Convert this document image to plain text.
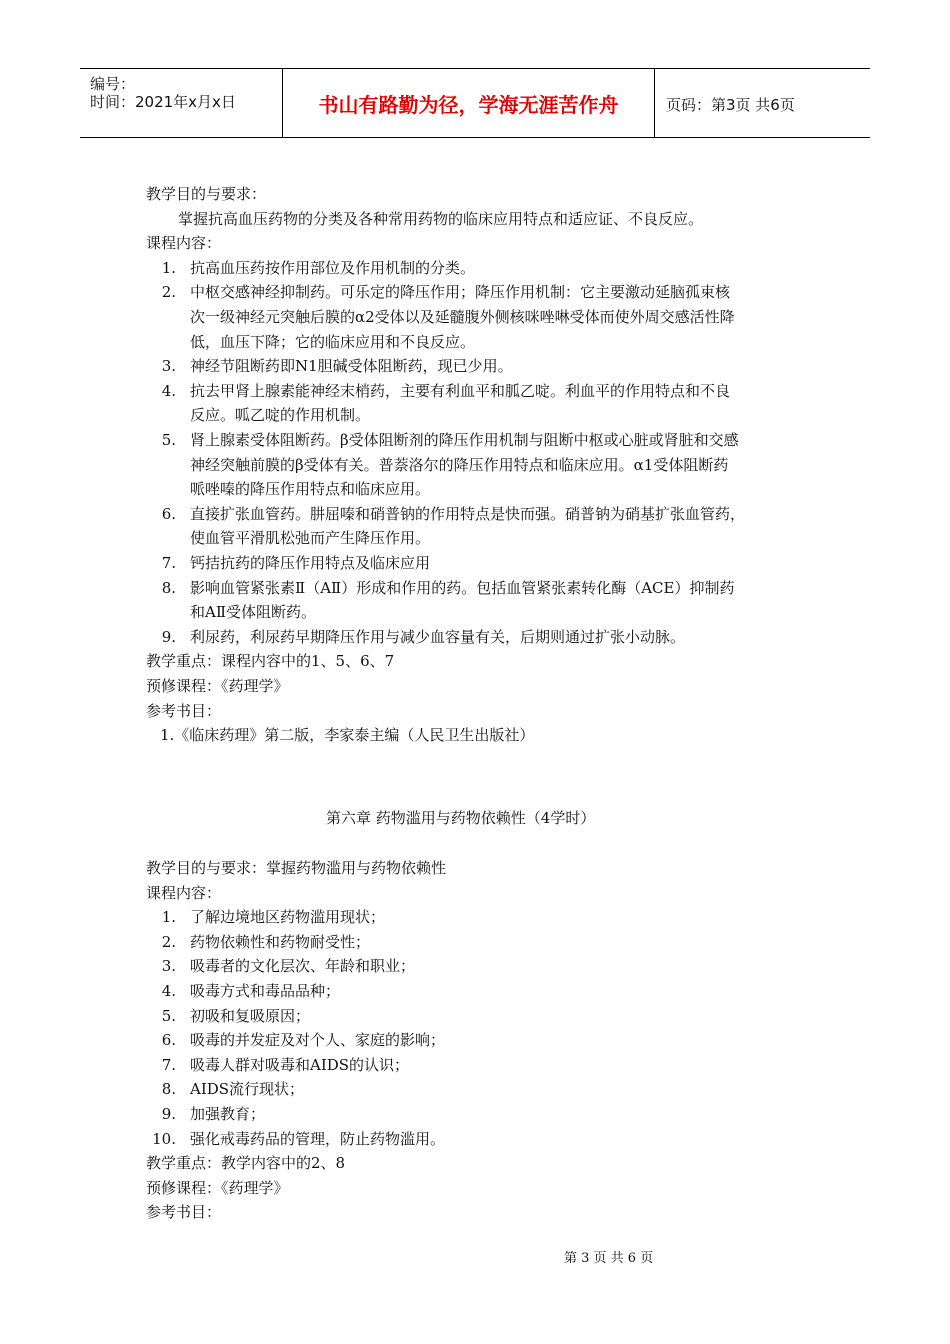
编号：
时间：2021年x月x日	书山有路勤为径，学海无涯苦作舟	页码：第3页 共6页
教学目的与要求：
掌握抗高血压药物的分类及各种常用药物的临床应用特点和适应证、不良反应。
课程内容：
1. 抗高血压药按作用部位及作用机制的分类。
2. 中枢交感神经抑制药。可乐定的降压作用；降压作用机制：它主要激动延脑孤束核
次一级神经元突触后膜的α2受体以及延髓腹外侧核咪唑啉受体而使外周交感活性降
低，血压下降；它的临床应用和不良反应。
3. 神经节阻断药即N1胆碱受体阻断药，现已少用。
4. 抗去甲肾上腺素能神经末梢药，主要有利血平和胍乙啶。利血平的作用特点和不良
反应。呱乙啶的作用机制。
5. 肾上腺素受体阻断药。β受体阻断剂的降压作用机制与阻断中枢或心脏或肾脏和交感
神经突触前膜的β受体有关。普萘洛尔的降压作用特点和临床应用。α1受体阻断药
哌唑嗪的降压作用特点和临床应用。
6. 直接扩张血管药。肼屈嗪和硝普钠的作用特点是快而强。硝普钠为硝基扩张血管药，
使血管平滑肌松弛而产生降压作用。
7. 钙拮抗药的降压作用特点及临床应用
8. 影响血管紧张素Ⅱ（AⅡ）形成和作用的药。包括血管紧张素转化酶（ACE）抑制药
和AⅡ受体阻断药。
9. 利尿药，利尿药早期降压作用与减少血容量有关，后期则通过扩张小动脉。
教学重点：课程内容中的1、5、6、7
预修课程：《药理学》
参考书目：
1.《临床药理》第二版，李家泰主编（人民卫生出版社）
第六章 药物滥用与药物依赖性（4学时）
教学目的与要求：掌握药物滥用与药物依赖性
课程内容：
1. 了解边境地区药物滥用现状；
2. 药物依赖性和药物耐受性；
3. 吸毒者的文化层次、年龄和职业；
4. 吸毒方式和毒品品种；
5. 初吸和复吸原因；
6. 吸毒的并发症及对个人、家庭的影响；
7. 吸毒人群对吸毒和AIDS的认识；
8. AIDS流行现状；
9. 加强教育；
10. 强化戒毒药品的管理，防止药物滥用。
教学重点：教学内容中的2、8
预修课程：《药理学》
参考书目：
第 3 页 共 6 页
